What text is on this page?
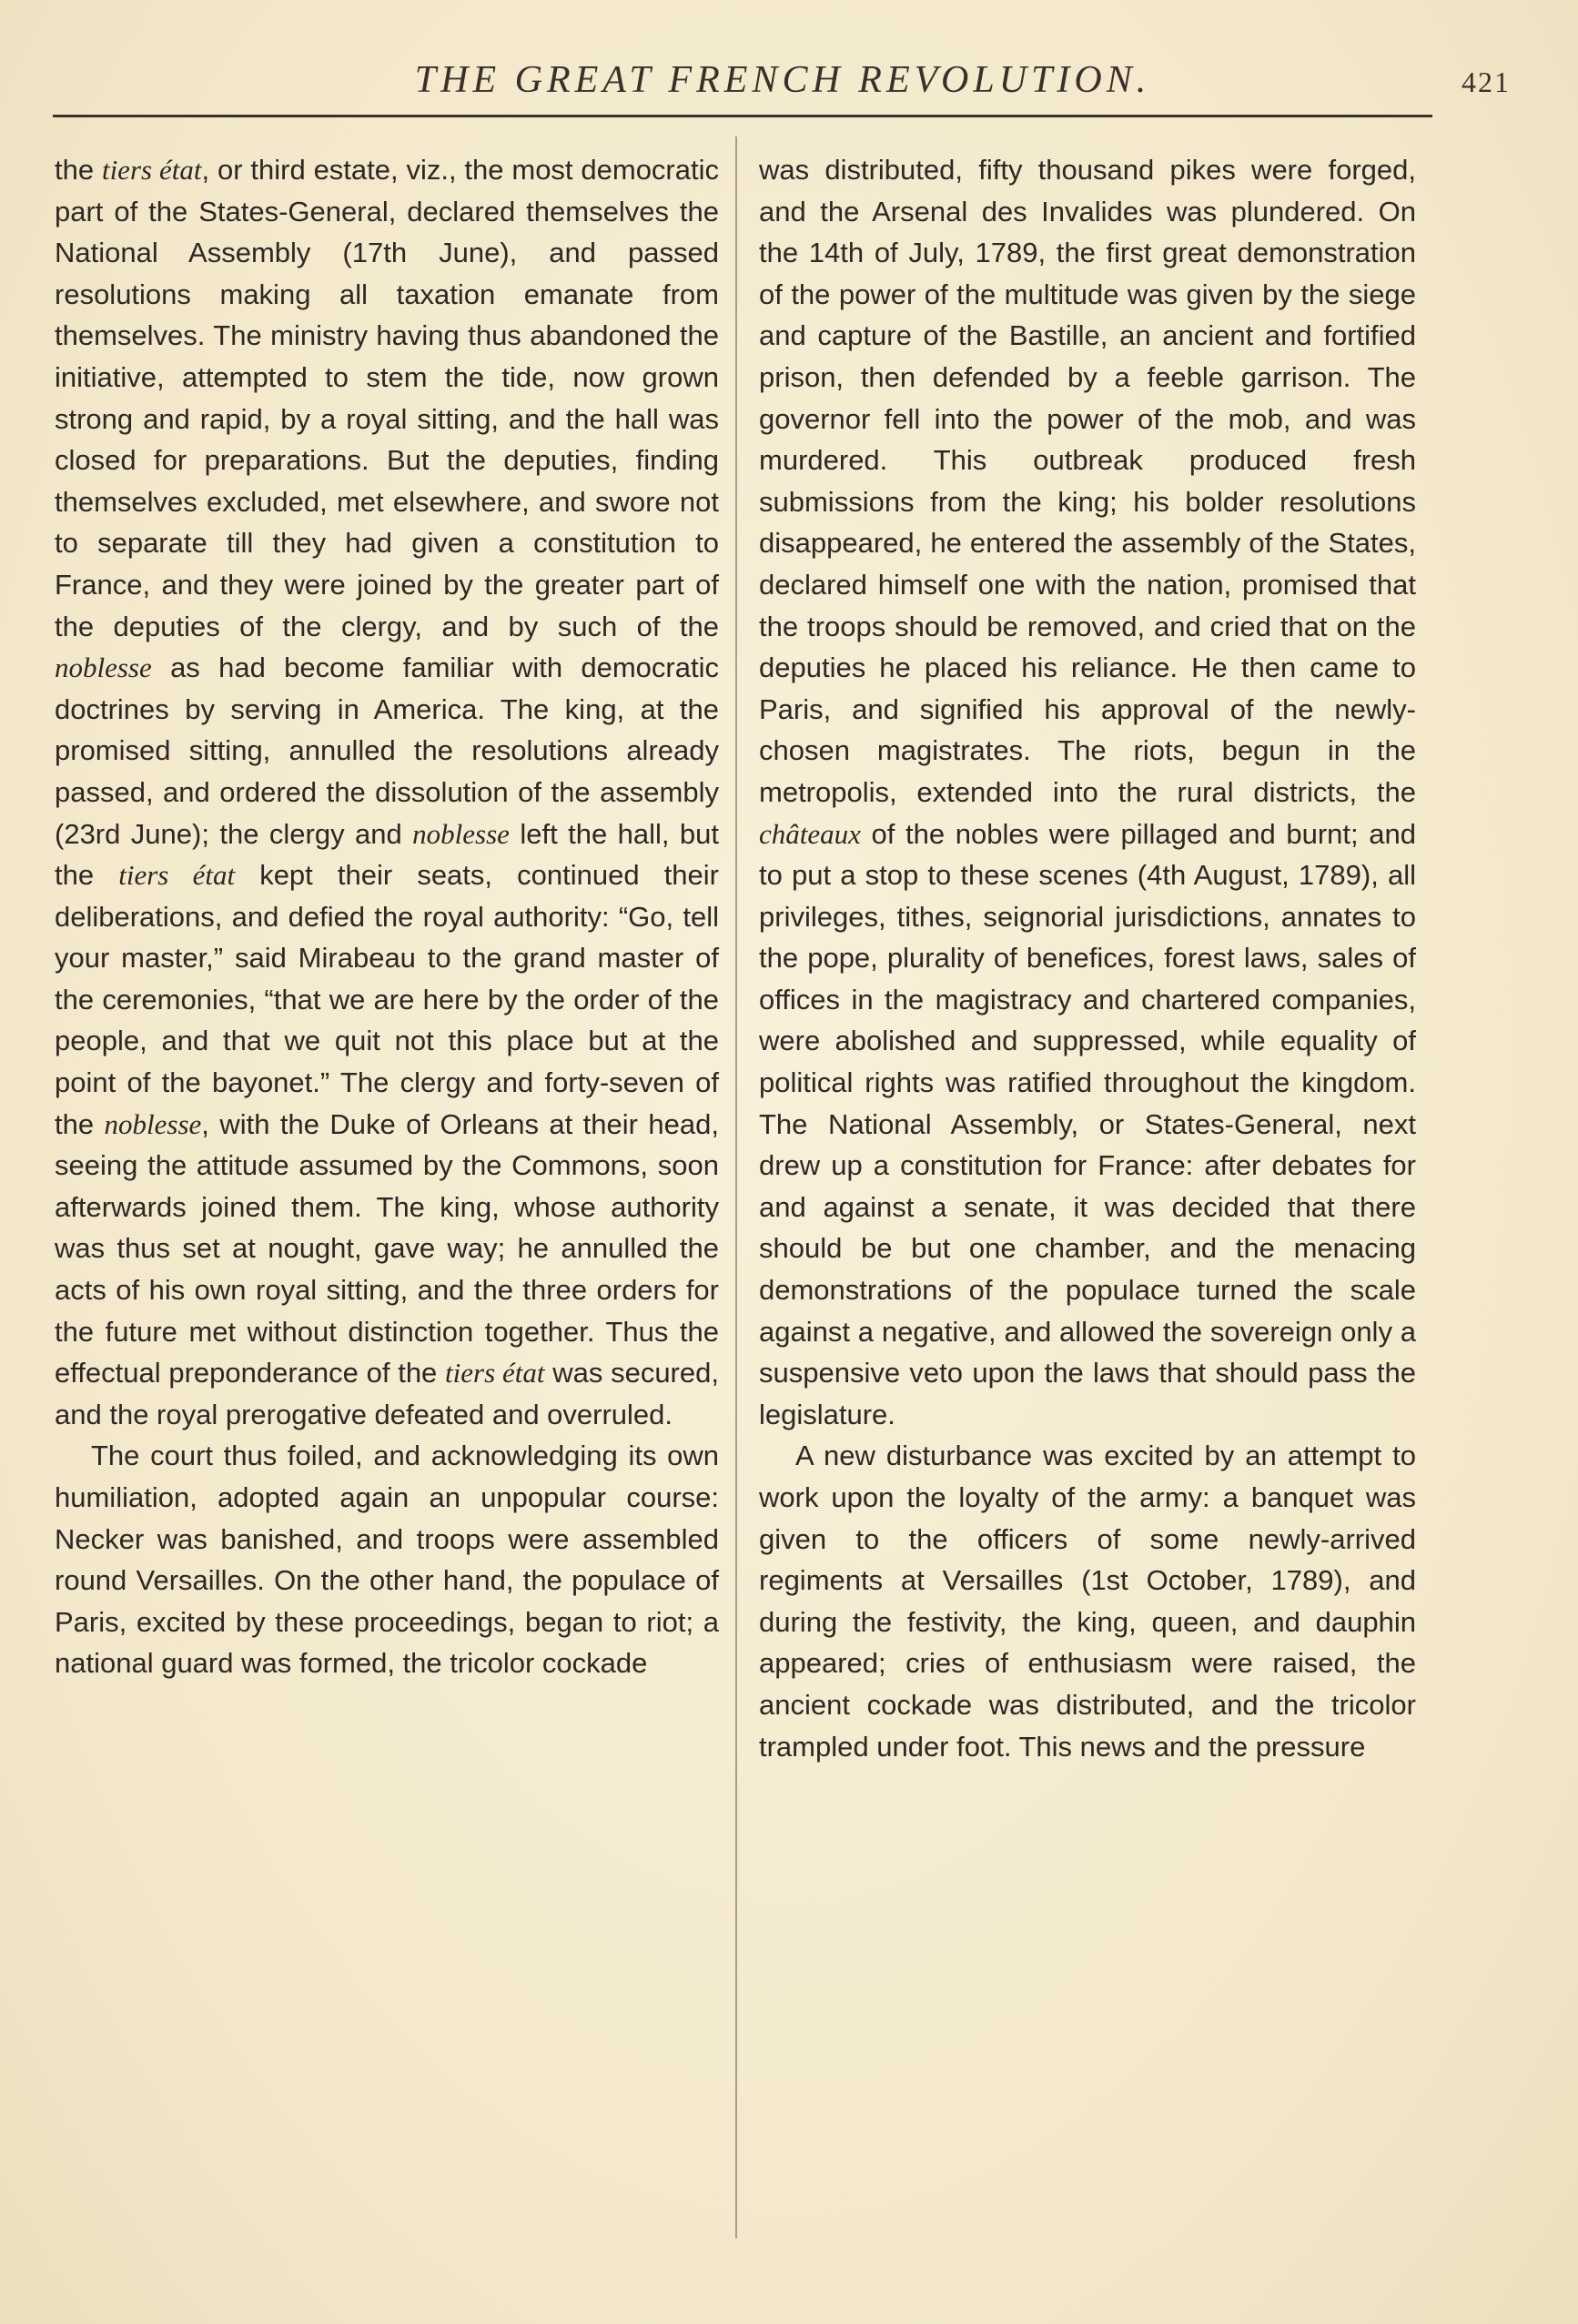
THE GREAT FRENCH REVOLUTION.	421

the tiers état, or third estate, viz., the most democratic part of the States-General, declared themselves the National Assembly (17th June), and passed resolutions making all taxation emanate from themselves. The ministry having thus abandoned the initiative, attempted to stem the tide, now grown strong and rapid, by a royal sitting, and the hall was closed for preparations. But the deputies, finding themselves excluded, met elsewhere, and swore not to separate till they had given a constitution to France, and they were joined by the greater part of the deputies of the clergy, and by such of the noblesse as had become familiar with democratic doctrines by serving in America. The king, at the promised sitting, annulled the resolutions already passed, and ordered the dissolution of the assembly (23rd June); the clergy and noblesse left the hall, but the tiers état kept their seats, continued their deliberations, and defied the royal authority: “Go, tell your master,” said Mirabeau to the grand master of the ceremonies, “that we are here by the order of the people, and that we quit not this place but at the point of the bayonet.” The clergy and forty-seven of the noblesse, with the Duke of Orleans at their head, seeing the attitude assumed by the Commons, soon afterwards joined them. The king, whose authority was thus set at nought, gave way; he annulled the acts of his own royal sitting, and the three orders for the future met without distinction together. Thus the effectual preponderance of the tiers état was secured, and the royal prerogative defeated and overruled.

The court thus foiled, and acknowledging its own humiliation, adopted again an unpopular course: Necker was banished, and troops were assembled round Versailles. On the other hand, the populace of Paris, excited by these proceedings, began to riot; a national guard was formed, the tricolor cockade

was distributed, fifty thousand pikes were forged, and the Arsenal des Invalides was plundered. On the 14th of July, 1789, the first great demonstration of the power of the multitude was given by the siege and capture of the Bastille, an ancient and fortified prison, then defended by a feeble garrison. The governor fell into the power of the mob, and was murdered. This outbreak produced fresh submissions from the king; his bolder resolutions disappeared, he entered the assembly of the States, declared himself one with the nation, promised that the troops should be removed, and cried that on the deputies he placed his reliance. He then came to Paris, and signified his approval of the newly-chosen magistrates. The riots, begun in the metropolis, extended into the rural districts, the châteaux of the nobles were pillaged and burnt; and to put a stop to these scenes (4th August, 1789), all privileges, tithes, seignorial jurisdictions, annates to the pope, plurality of benefices, forest laws, sales of offices in the magistracy and chartered companies, were abolished and suppressed, while equality of political rights was ratified throughout the kingdom. The National Assembly, or States-General, next drew up a constitution for France: after debates for and against a senate, it was decided that there should be but one chamber, and the menacing demonstrations of the populace turned the scale against a negative, and allowed the sovereign only a suspensive veto upon the laws that should pass the legislature.

A new disturbance was excited by an attempt to work upon the loyalty of the army: a banquet was given to the officers of some newly-arrived regiments at Versailles (1st October, 1789), and during the festivity, the king, queen, and dauphin appeared; cries of enthusiasm were raised, the ancient cockade was distributed, and the tricolor trampled under foot. This news and the pressure
